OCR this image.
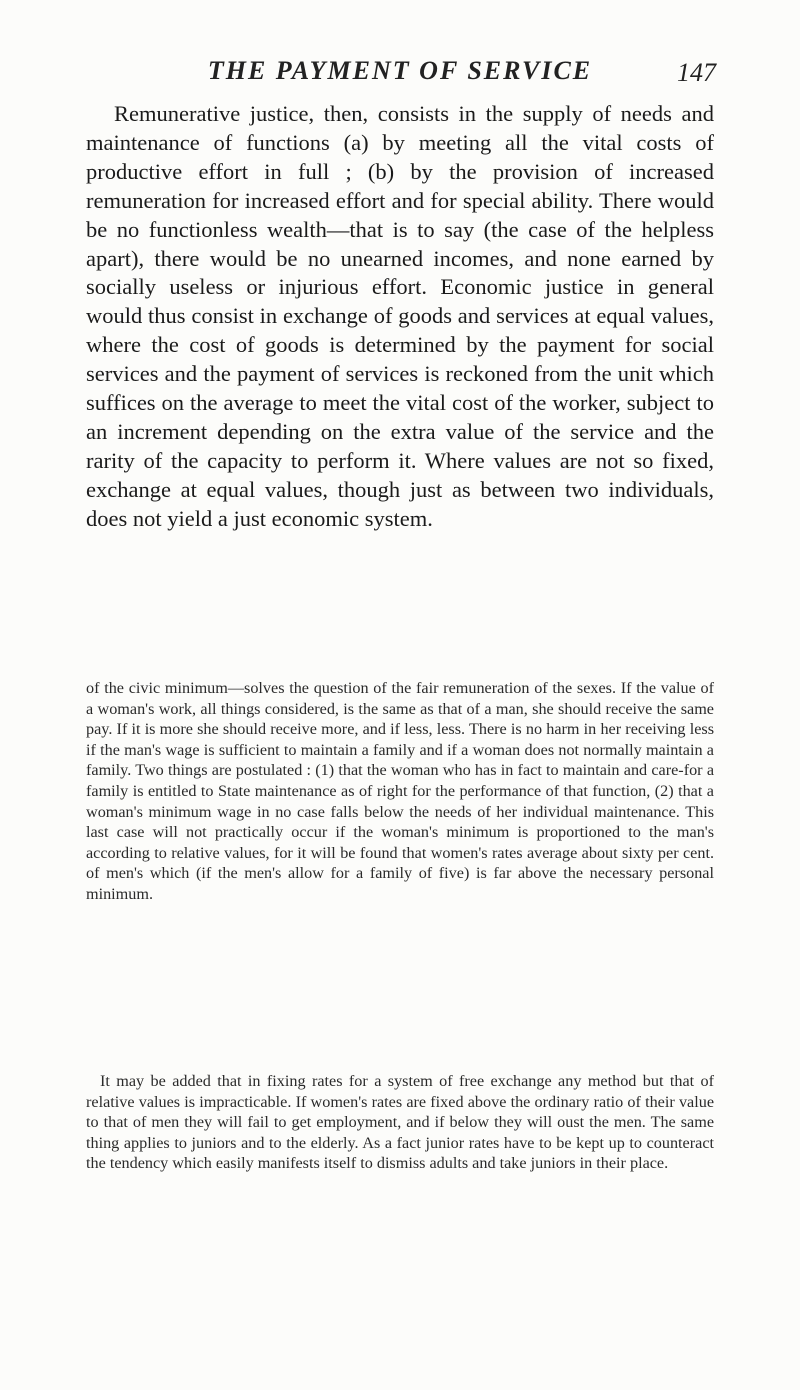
THE PAYMENT OF SERVICE	147

Remunerative justice, then, consists in the supply of needs and maintenance of functions (a) by meeting all the vital costs of productive effort in full ; (b) by the provision of increased remuneration for increased effort and for special ability. There would be no functionless wealth—that is to say (the case of the helpless apart), there would be no unearned incomes, and none earned by socially useless or injurious effort. Economic justice in general would thus consist in exchange of goods and services at equal values, where the cost of goods is determined by the payment for social services and the payment of services is reckoned from the unit which suffices on the average to meet the vital cost of the worker, subject to an increment depending on the extra value of the service and the rarity of the capacity to perform it. Where values are not so fixed, exchange at equal values, though just as between two individuals, does not yield a just economic system.

of the civic minimum—solves the question of the fair remuneration of the sexes. If the value of a woman's work, all things considered, is the same as that of a man, she should receive the same pay. If it is more she should receive more, and if less, less. There is no harm in her receiving less if the man's wage is sufficient to maintain a family and if a woman does not normally maintain a family. Two things are postulated : (1) that the woman who has in fact to maintain and care-for a family is entitled to State maintenance as of right for the performance of that function, (2) that a woman's minimum wage in no case falls below the needs of her individual maintenance. This last case will not practically occur if the woman's minimum is proportioned to the man's according to relative values, for it will be found that women's rates average about sixty per cent. of men's which (if the men's allow for a family of five) is far above the necessary personal minimum.

It may be added that in fixing rates for a system of free exchange any method but that of relative values is impracticable. If women's rates are fixed above the ordinary ratio of their value to that of men they will fail to get employment, and if below they will oust the men. The same thing applies to juniors and to the elderly. As a fact junior rates have to be kept up to counteract the tendency which easily manifests itself to dismiss adults and take juniors in their place.
